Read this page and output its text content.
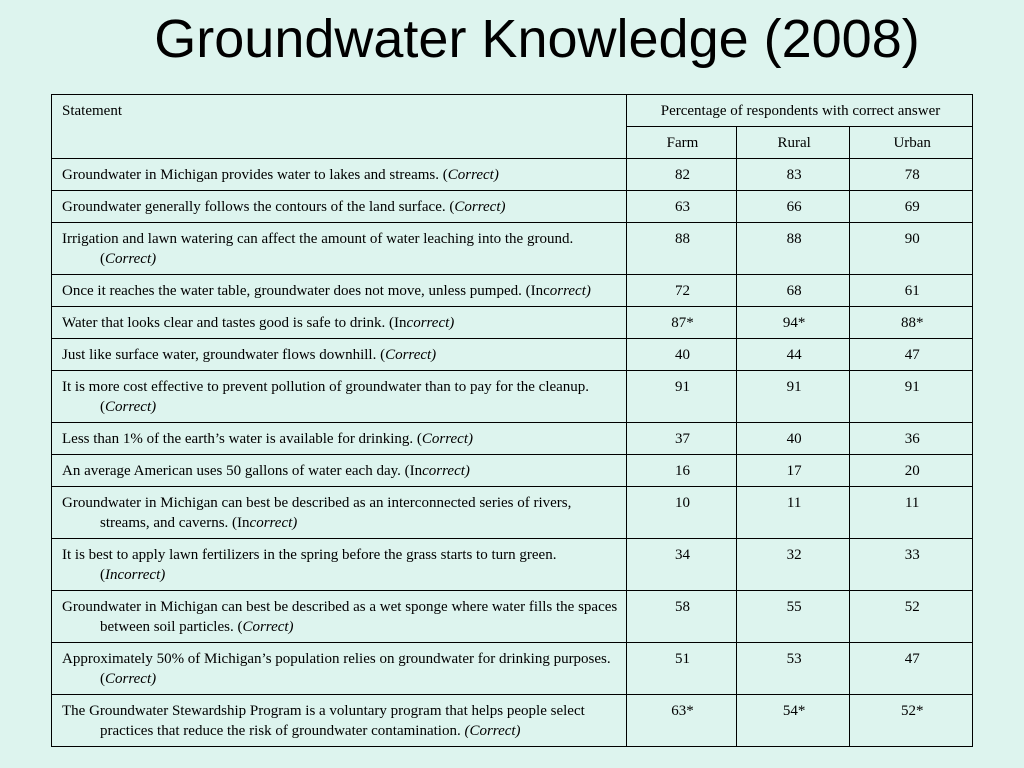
Groundwater Knowledge (2008)
Statement	Percentage of respondents with correct answer		
	Farm	Rural	Urban

Groundwater in Michigan provides water to lakes and streams. (Correct)	82	83	78

Groundwater generally follows the contours of the land surface. (Correct)	63	66	69

Irrigation and lawn watering can affect the amount of water leaching into the ground. (Correct)	88	88	90

Once it reaches the water table, groundwater does not move, unless pumped. (Incorrect)	72	68	61

Water that looks clear and tastes good is safe to drink. (Incorrect)	87*	94*	88*

Just like surface water, groundwater flows downhill. (Correct)	40	44	47

It is more cost effective to prevent pollution of groundwater than to pay for the cleanup. (Correct)	91	91	91

Less than 1% of the earth’s water is available for drinking. (Correct)	37	40	36

An average American uses 50 gallons of water each day. (Incorrect)	16	17	20

Groundwater in Michigan can best be described as an interconnected series of rivers, streams, and caverns. (Incorrect)	10	11	11

It is best to apply lawn fertilizers in the spring before the grass starts to turn green. (Incorrect)	34	32	33

Groundwater in Michigan can best be described as a wet sponge where water fills the spaces between soil particles. (Correct)	58	55	52

Approximately 50% of Michigan’s population relies on groundwater for drinking purposes. (Correct)	51	53	47

The Groundwater Stewardship Program is a voluntary program that helps people select practices that reduce the risk of groundwater contamination. (Correct)	63*	54*	52*
